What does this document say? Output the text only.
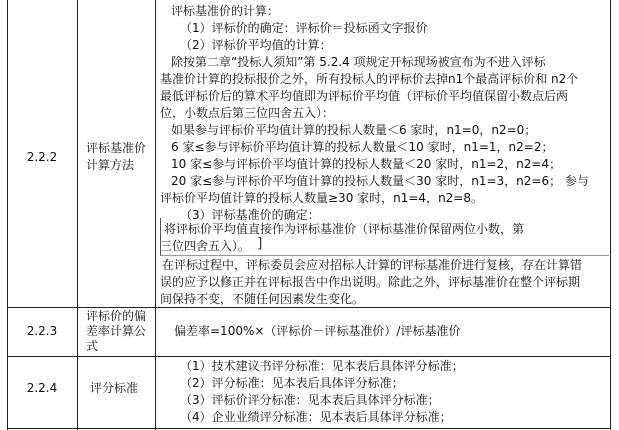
2.2.2
评标基准价
计算方法
评标基准价的计算：
（1）评标价的确定：评标价＝投标函文字报价
（2）评标价平均值的计算：
除按第二章“投标人须知”第 5.2.4 项规定开标现场被宣布为不进入评标
基准价计算的投标报价之外，所有投标人的评标价去掉n1个最高评标价和 n2个
最低评标价后的算术平均值即为评标价平均值（评标价平均值保留小数点后两
位，小数点后第三位四舍五入）：
如果参与评标价平均值计算的投标人数量＜6 家时，n1=0，n2=0；
6 家≤参与评标价平均值计算的投标人数量＜10 家时，n1=1，n2=2；
10 家≤参与评标价平均值计算的投标人数量＜20 家时，n1=2，n2=4；
20 家≤参与评标价平均值计算的投标人数量＜30 家时，n1=3，n2=6； 参与
评标价平均值计算的投标人数量≥30 家时，n1=4，n2=8。
（3）评标基准价的确定：
将评标价平均值直接作为评标基准价（评标基准价保留两位小数，第
三位四舍五入）。 ]
在评标过程中，评标委员会应对招标人计算的评标基准价进行复核，存在计算错
误的应予以修正并在评标报告中作出说明。除此之外，评标基准价在整个评标期
间保持不变，不随任何因素发生变化。
2.2.3
评标价的偏
差率计算公
式
偏差率=100%×（评标价－评标基准价）/评标基准价
2.2.4	评分标准
（1）技术建议书评分标准：见本表后具体评分标准；
（2）评分标准：见本表后具体评分标准；
（3）评标价评分标准：见本表后具体评分标准；
（4）企业业绩评分标准：见本表后具体评分标准；
